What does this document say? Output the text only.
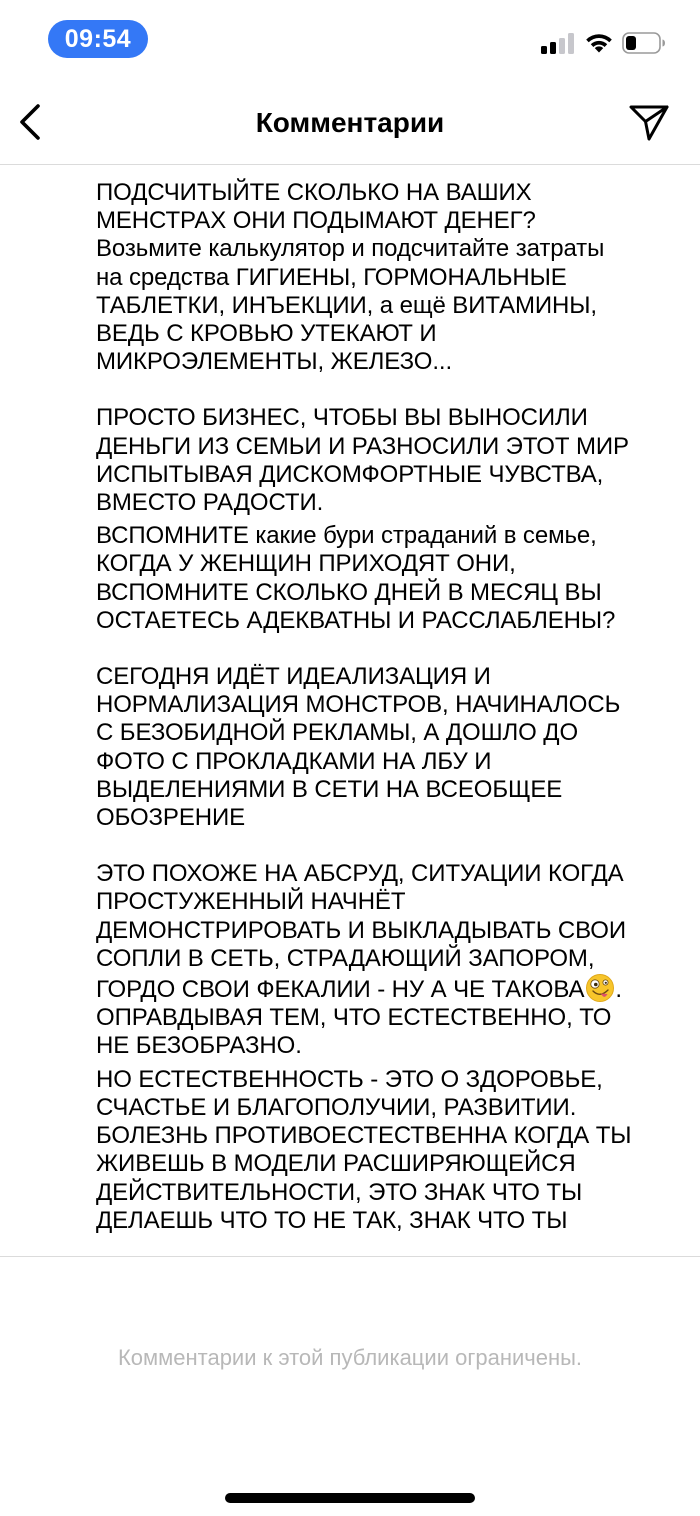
09:54
Комментарии

ПОДСЧИТЫЙТЕ СКОЛЬКО НА ВАШИХ
МЕНСТРАХ ОНИ ПОДЫМАЮТ ДЕНЕГ?
Возьмите калькулятор и подсчитайте затраты
на средства ГИГИЕНЫ, ГОРМОНАЛЬНЫЕ
ТАБЛЕТКИ, ИНЪЕКЦИИ, а ещё ВИТАМИНЫ,
ВЕДЬ С КРОВЬЮ УТЕКАЮТ И
МИКРОЭЛЕМЕНТЫ, ЖЕЛЕЗО...

ПРОСТО БИЗНЕС, ЧТОБЫ ВЫ ВЫНОСИЛИ
ДЕНЬГИ ИЗ СЕМЬИ И РАЗНОСИЛИ ЭТОТ МИР
ИСПЫТЫВАЯ ДИСКОМФОРТНЫЕ ЧУВСТВА,
ВМЕСТО РАДОСТИ.

ВСПОМНИТЕ какие бури страданий в семье,
КОГДА У ЖЕНЩИН ПРИХОДЯТ ОНИ,
ВСПОМНИТЕ СКОЛЬКО ДНЕЙ В МЕСЯЦ ВЫ
ОСТАЕТЕСЬ АДЕКВАТНЫ И РАССЛАБЛЕНЫ?

СЕГОДНЯ ИДЁТ ИДЕАЛИЗАЦИЯ И
НОРМАЛИЗАЦИЯ МОНСТРОВ, НАЧИНАЛОСЬ
С БЕЗОБИДНОЙ РЕКЛАМЫ, А ДОШЛО ДО
ФОТО С ПРОКЛАДКАМИ НА ЛБУ И
ВЫДЕЛЕНИЯМИ В СЕТИ НА ВСЕОБЩЕЕ
ОБОЗРЕНИЕ

ЭТО ПОХОЖЕ НА АБСРУД, СИТУАЦИИ КОГДА
ПРОСТУЖЕННЫЙ НАЧНЁТ
ДЕМОНСТРИРОВАТЬ И ВЫКЛАДЫВАТЬ СВОИ
СОПЛИ В СЕТЬ, СТРАДАЮЩИЙ ЗАПОРОМ,
ГОРДО СВОИ ФЕКАЛИИ - НУ А ЧЕ ТАКОВА .
ОПРАВДЫВАЯ ТЕМ, ЧТО ЕСТЕСТВЕННО, ТО
НЕ БЕЗОБРАЗНО.

НО ЕСТЕСТВЕННОСТЬ - ЭТО О ЗДОРОВЬЕ,
СЧАСТЬЕ И БЛАГОПОЛУЧИИ, РАЗВИТИИ.
БОЛЕЗНЬ ПРОТИВОЕСТЕСТВЕННА КОГДА ТЫ
ЖИВЕШЬ В МОДЕЛИ РАСШИРЯЮЩЕЙСЯ
ДЕЙСТВИТЕЛЬНОСТИ, ЭТО ЗНАК ЧТО ТЫ
ДЕЛАЕШЬ ЧТО ТО НЕ ТАК, ЗНАК ЧТО ТЫ

Комментарии к этой публикации ограничены.
